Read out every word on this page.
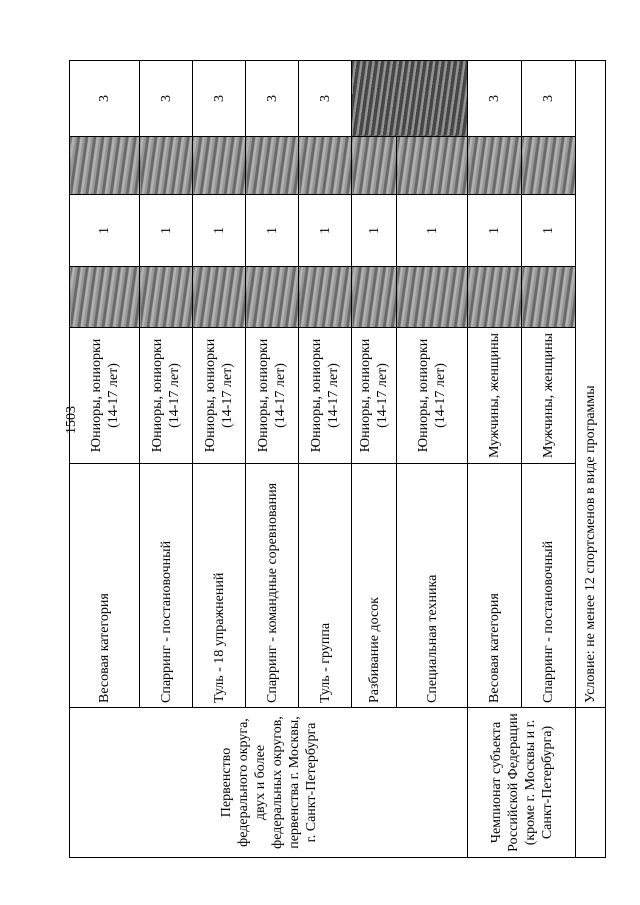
1503
Первенство федерального округа, двух и более федеральных округов, первенства г. Москвы, г. Санкт-Петербурга	Весовая категория	Юниоры, юниорки (14-17 лет)		1		3
	Спарринг - постановочный	Юниоры, юниорки (14-17 лет)		1		3
	Туль - 18 упражнений	Юниоры, юниорки (14-17 лет)		1		3
	Спарринг - командные соревнования	Юниоры, юниорки (14-17 лет)		1		3
	Туль - группа	Юниоры, юниорки (14-17 лет)		1		3
	Разбивание досок	Юниоры, юниорки (14-17 лет)		1		
	Специальная техника	Юниоры, юниорки (14-17 лет)		1		
Чемпионат субъекта Российской Федерации (кроме г. Москвы и г. Санкт-Петербурга)	Весовая категория	Мужчины, женщины		1		3
	Спарринг - постановочный	Мужчины, женщины		1		3
	Условие: не менее 12 спортсменов в виде программы					
